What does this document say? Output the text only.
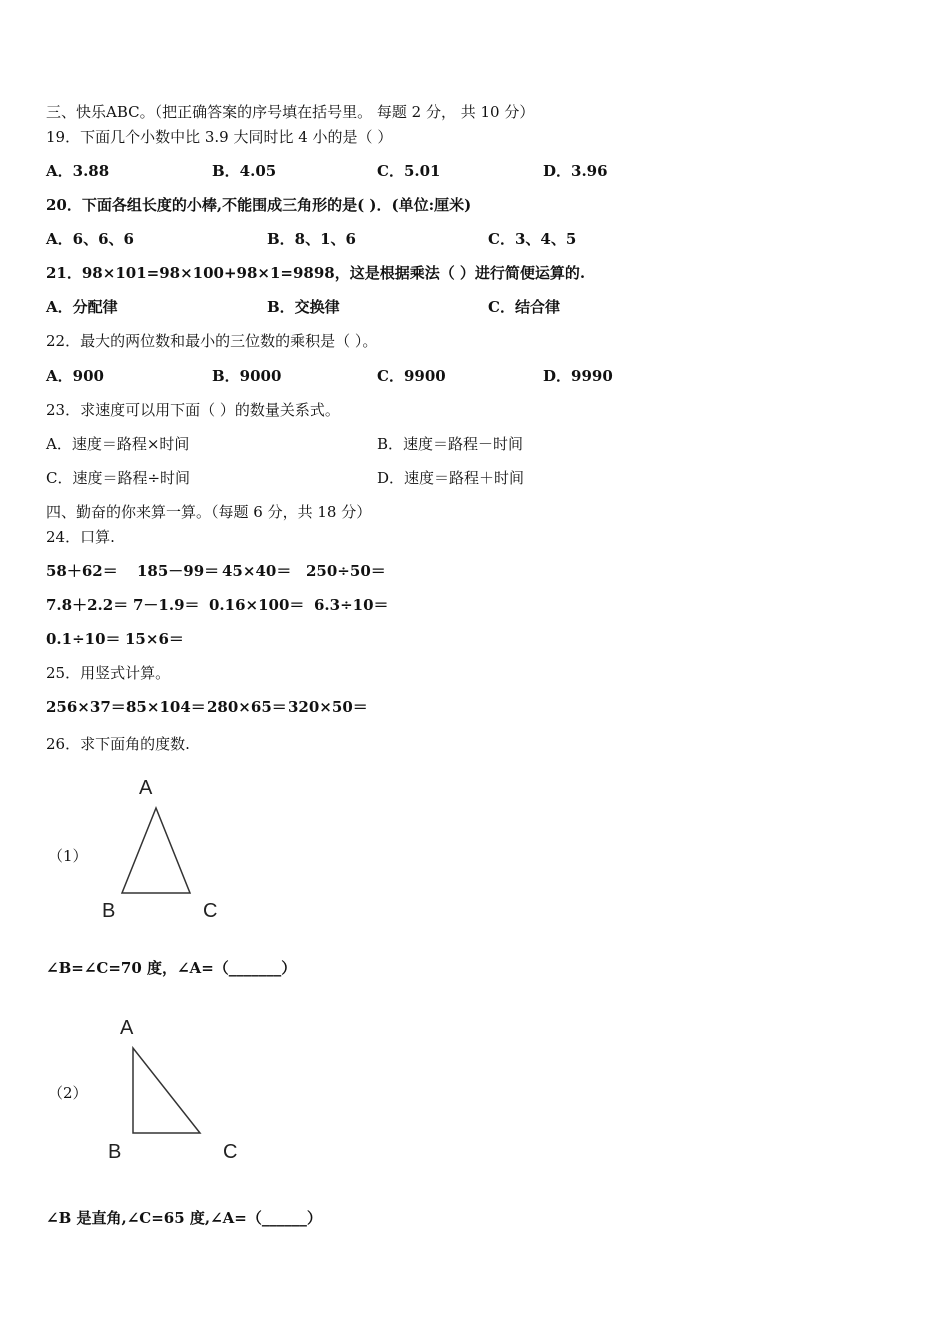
三、快乐ABC。（把正确答案的序号填在括号里。 每题 2 分， 共 10 分）
19．下面几个小数中比 3.9 大同时比 4 小的是（ ）
A．3.88	B．4.05	C．5.01	D．3.96
20．下面各组长度的小棒,不能围成三角形的是( )．(单位:厘米)
A．6、6、6	B．8、1、6	C．3、4、5
21．98×101=98×100+98×1=9898，这是根据乘法（ ）进行简便运算的.
A．分配律	B．交换律	C．结合律
22．最大的两位数和最小的三位数的乘积是（ ）。
A．900	B．9000	C．9900	D．9990
23．求速度可以用下面（ ）的数量关系式。
A．速度＝路程×时间	B．速度＝路程－时间
C．速度＝路程÷时间	D．速度＝路程＋时间
四、勤奋的你来算一算。（每题 6 分，共 18 分）
24．口算.
58＋62＝ 185－99＝ 45×40＝ 250÷50＝
7.8＋2.2＝ 7－1.9＝ 0.16×100＝ 6.3÷10＝
0.1÷10＝ 15×6＝
25．用竖式计算。
256×37＝ 85×104＝ 280×65＝ 320×50＝
26．求下面角的度数.
（1）
A
B	C
∠B=∠C=70 度，∠A=（_______）
（2）
A
B	C
∠B 是直角,∠C=65 度,∠A=（______）
